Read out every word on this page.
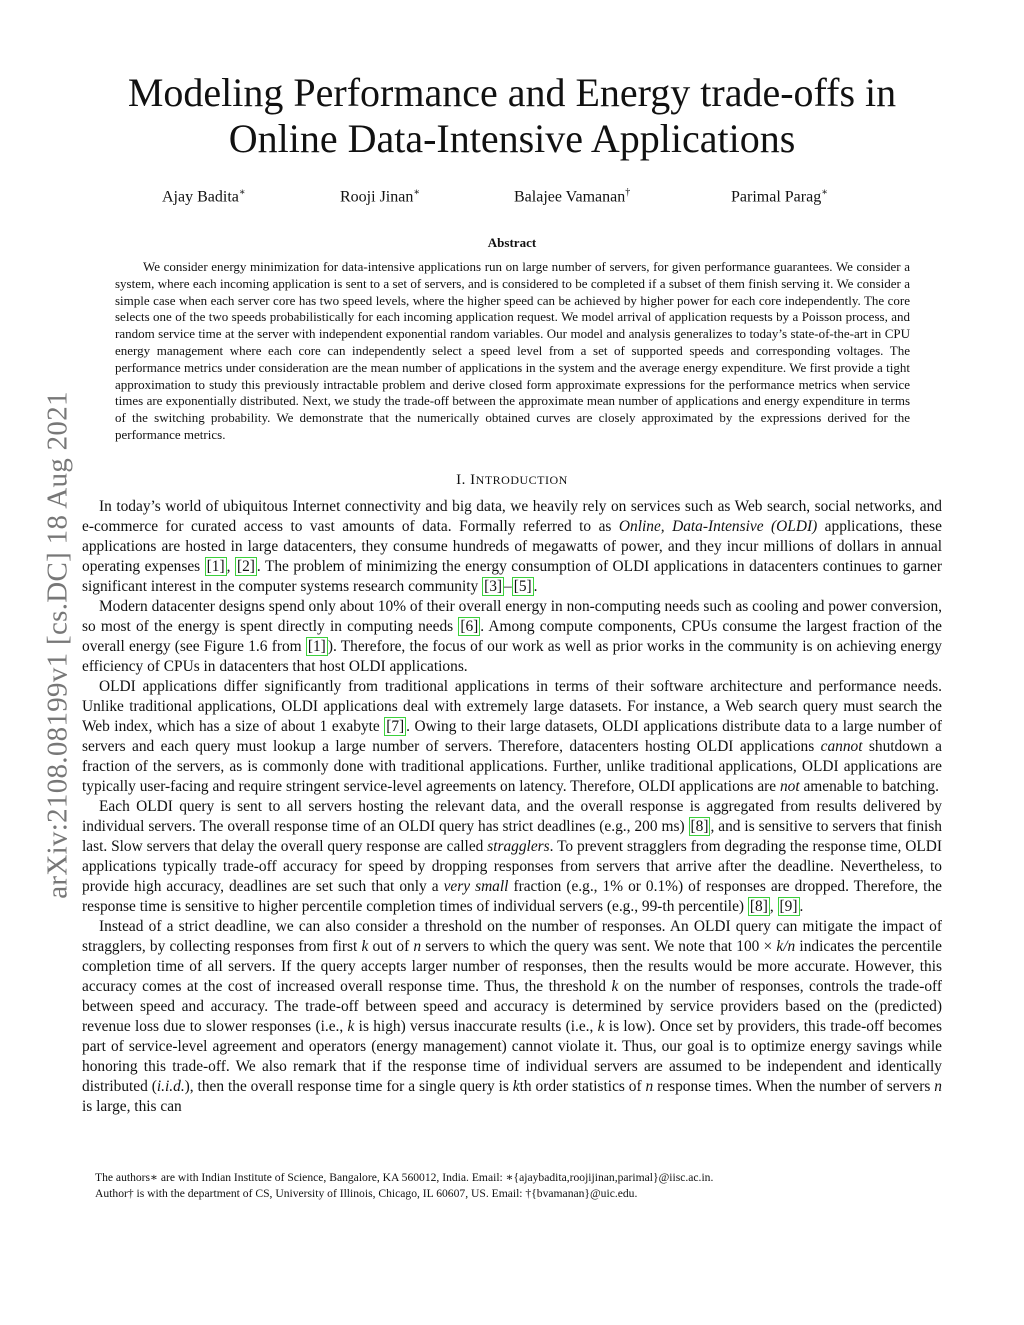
arXiv:2108.08199v1 [cs.DC] 18 Aug 2021
Modeling Performance and Energy trade-offs in
Online Data-Intensive Applications
Ajay Badita∗	Rooji Jinan∗	Balajee Vamanan†	Parimal Parag∗
Abstract
We consider energy minimization for data-intensive applications run on large number of servers, for given performance guarantees. We consider a system, where each incoming application is sent to a set of servers, and is considered to be completed if a subset of them finish serving it. We consider a simple case when each server core has two speed levels, where the higher speed can be achieved by higher power for each core independently. The core selects one of the two speeds probabilistically for each incoming application request. We model arrival of application requests by a Poisson process, and random service time at the server with independent exponential random variables. Our model and analysis generalizes to today’s state-of-the-art in CPU energy management where each core can independently select a speed level from a set of supported speeds and corresponding voltages. The performance metrics under consideration are the mean number of applications in the system and the average energy expenditure. We first provide a tight approximation to study this previously intractable problem and derive closed form approximate expressions for the performance metrics when service times are exponentially distributed. Next, we study the trade-off between the approximate mean number of applications and energy expenditure in terms of the switching probability. We demonstrate that the numerically obtained curves are closely approximated by the expressions derived for the performance metrics.
I. INTRODUCTION

In today’s world of ubiquitous Internet connectivity and big data, we heavily rely on services such as Web search, social networks, and e-commerce for curated access to vast amounts of data. Formally referred to as Online, Data-Intensive (OLDI) applications, these applications are hosted in large datacenters, they consume hundreds of megawatts of power, and they incur millions of dollars in annual operating expenses [1] , [2] . The problem of minimizing the energy consumption of OLDI applications in datacenters continues to garner significant interest in the computer systems research community [3] – [5] .

Modern datacenter designs spend only about 10% of their overall energy in non-computing needs such as cooling and power conversion, so most of the energy is spent directly in computing needs [6] . Among compute components, CPUs consume the largest fraction of the overall energy (see Figure 1.6 from [1] ). Therefore, the focus of our work as well as prior works in the community is on achieving energy efficiency of CPUs in datacenters that host OLDI applications.

OLDI applications differ significantly from traditional applications in terms of their software architecture and performance needs. Unlike traditional applications, OLDI applications deal with extremely large datasets. For instance, a Web search query must search the Web index, which has a size of about 1 exabyte [7] . Owing to their large datasets, OLDI applications distribute data to a large number of servers and each query must lookup a large number of servers. Therefore, datacenters hosting OLDI applications cannot shutdown a fraction of the servers, as is commonly done with traditional applications. Further, unlike traditional applications, OLDI applications are typically user-facing and require stringent service-level agreements on latency. Therefore, OLDI applications are not amenable to batching.

Each OLDI query is sent to all servers hosting the relevant data, and the overall response is aggregated from results delivered by individual servers. The overall response time of an OLDI query has strict deadlines (e.g., 200 ms) [8] , and is sensitive to servers that finish last. Slow servers that delay the overall query response are called stragglers. To prevent stragglers from degrading the response time, OLDI applications typically trade-off accuracy for speed by dropping responses from servers that arrive after the deadline. Nevertheless, to provide high accuracy, deadlines are set such that only a very small fraction (e.g., 1% or 0.1%) of responses are dropped. Therefore, the response time is sensitive to higher percentile completion times of individual servers (e.g., 99-th percentile) [8] , [9] .

Instead of a strict deadline, we can also consider a threshold on the number of responses. An OLDI query can mitigate the impact of stragglers, by collecting responses from first k out of n servers to which the query was sent. We note that 100 × k/n indicates the percentile completion time of all servers. If the query accepts larger number of responses, then the results would be more accurate. However, this accuracy comes at the cost of increased overall response time. Thus, the threshold k on the number of responses, controls the trade-off between speed and accuracy. The trade-off between speed and accuracy is determined by service providers based on the (predicted) revenue loss due to slower responses (i.e., k is high) versus inaccurate results (i.e., k is low). Once set by providers, this trade-off becomes part of service-level agreement and operators (energy management) cannot violate it. Thus, our goal is to optimize energy savings while honoring this trade-off. We also remark that if the response time of individual servers are assumed to be independent and identically distributed (i.i.d.), then the overall response time for a single query is kth order statistics of n response times. When the number of servers n is large, this can

The authors∗ are with Indian Institute of Science, Bangalore, KA 560012, India. Email: ∗{ajaybadita,roojijinan,parimal}@iisc.ac.in.
Author† is with the department of CS, University of Illinois, Chicago, IL 60607, US. Email: †{bvamanan}@uic.edu.
